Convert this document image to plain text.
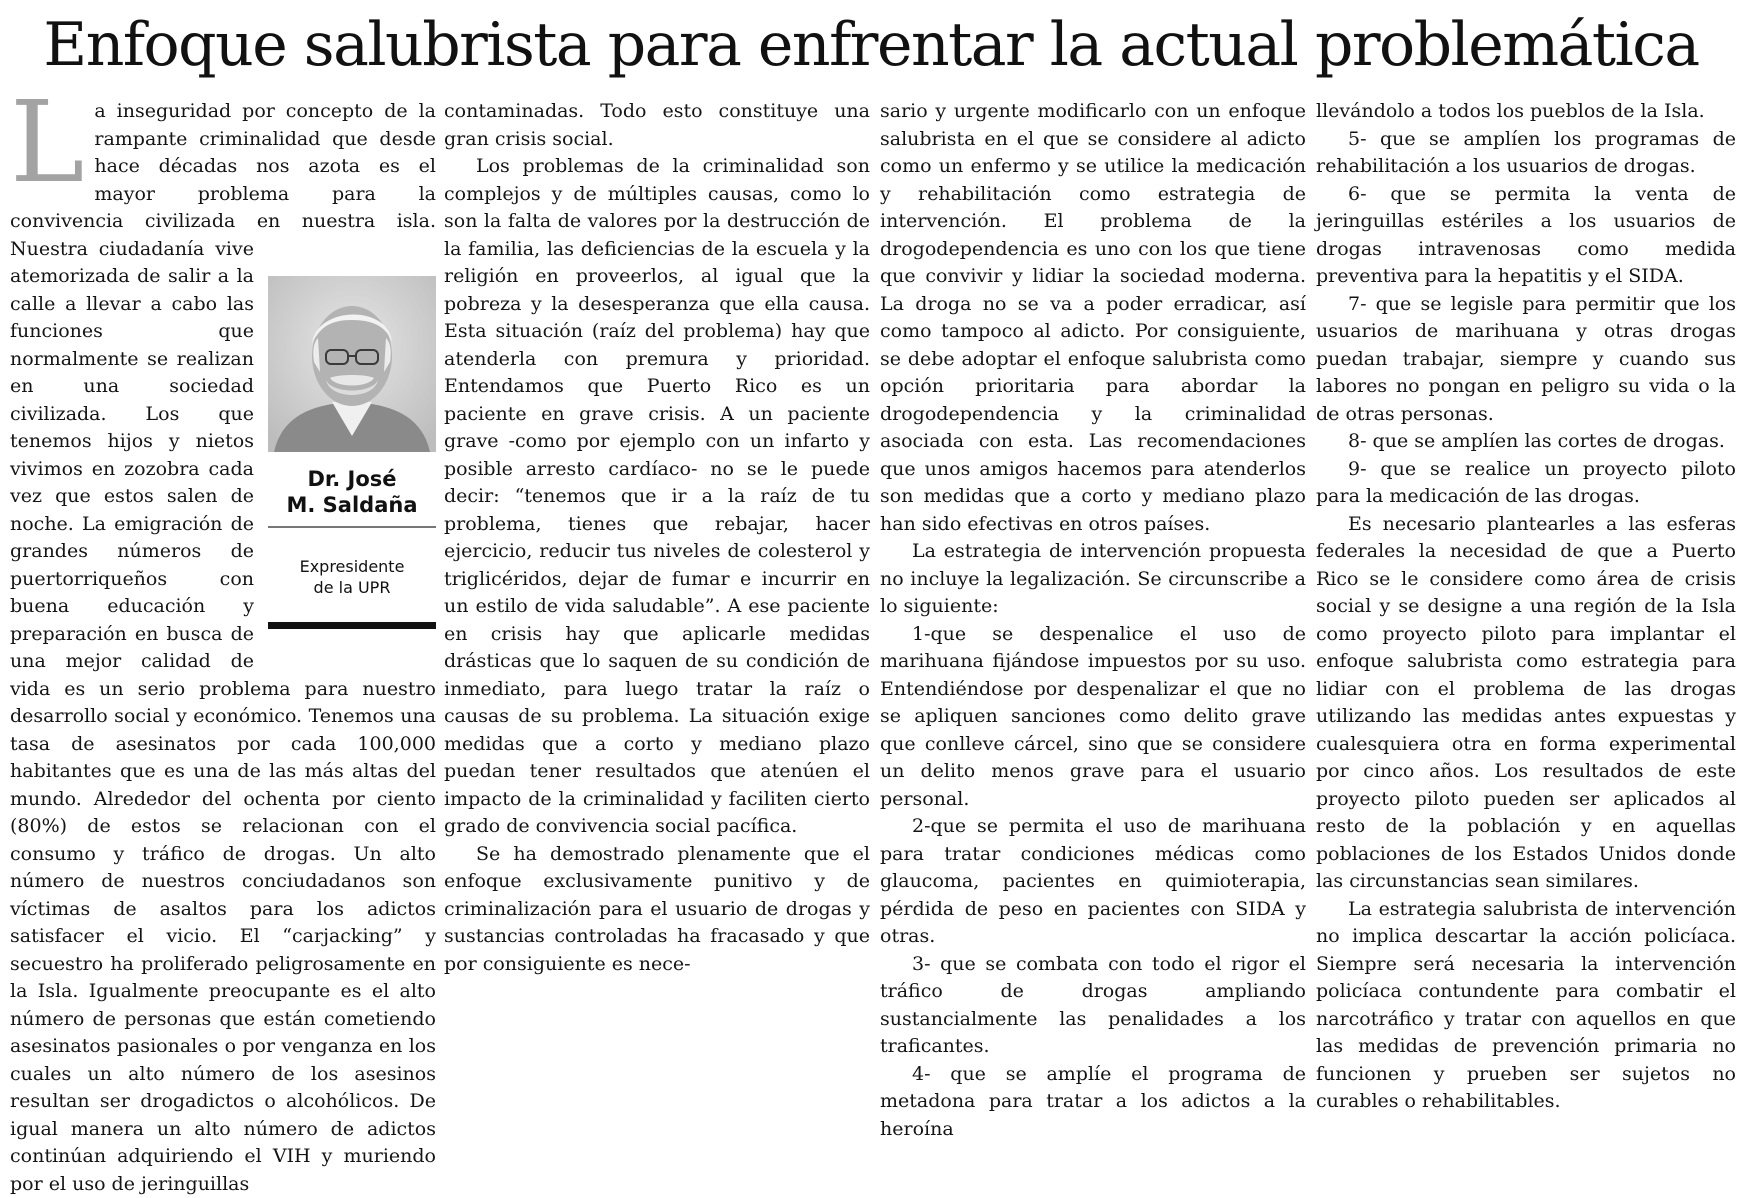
Enfoque salubrista para enfrentar la actual problemática
L
Dr. José
M. Saldaña
Expresidente
de la UPR

a inseguridad por concepto de la rampante criminalidad que desde hace décadas nos azota es el mayor problema para la convivencia civilizada en nuestra isla. Nuestra ciudadanía vive atemorizada de salir a la calle a llevar a cabo las funciones que normalmente se realizan en una sociedad civilizada. Los que tenemos hijos y nietos vivimos en zozobra cada vez que estos salen de noche. La emigración de grandes números de puertorriqueños con buena educación y preparación en busca de una mejor calidad de vida es un serio problema para nuestro desarrollo social y económico. Tenemos una tasa de asesinatos por cada 100,000 habitantes que es una de las más altas del mundo. Alrededor del ochenta por ciento (80%) de estos se relacionan con el consumo y tráfico de drogas. Un alto número de nuestros conciudadanos son víctimas de asaltos para los adictos satisfacer el vicio. El “carjacking” y secuestro ha proliferado peligrosamente en la Isla. Igualmente preocupante es el alto número de personas que están cometiendo asesinatos pasionales o por venganza en los cuales un alto número de los asesinos resultan ser drogadictos o alcohólicos. De igual manera un alto número de adictos continúan adquiriendo el VIH y muriendo por el uso de jeringuillas

contaminadas. Todo esto constituye una gran crisis social.

Los problemas de la criminalidad son complejos y de múltiples causas, como lo son la falta de valores por la destrucción de la familia, las deficiencias de la escuela y la religión en proveerlos, al igual que la pobreza y la desesperanza que ella causa. Esta situación (raíz del problema) hay que atenderla con premura y prioridad. Entendamos que Puerto Rico es un paciente en grave crisis. A un paciente grave -como por ejemplo con un infarto y posible arresto cardíaco- no se le puede decir: “tenemos que ir a la raíz de tu problema, tienes que rebajar, hacer ejercicio, reducir tus niveles de colesterol y triglicéridos, dejar de fumar e incurrir en un estilo de vida saludable”. A ese paciente en crisis hay que aplicarle medidas drásticas que lo saquen de su condición de inmediato, para luego tratar la raíz o causas de su problema. La situación exige medidas que a corto y mediano plazo puedan tener resultados que atenúen el impacto de la criminalidad y faciliten cierto grado de convivencia social pacífica.

Se ha demostrado plenamente que el enfoque exclusivamente punitivo y de criminalización para el usuario de drogas y sustancias controladas ha fracasado y que por consiguiente es nece-

sario y urgente modificarlo con un enfoque salubrista en el que se considere al adicto como un enfermo y se utilice la medicación y rehabilitación como estrategia de intervención. El problema de la drogodependencia es uno con los que tiene que convivir y lidiar la sociedad moderna. La droga no se va a poder erradicar, así como tampoco al adicto. Por consiguiente, se debe adoptar el enfoque salubrista como opción prioritaria para abordar la drogodependencia y la criminalidad asociada con esta. Las recomendaciones que unos amigos hacemos para atenderlos son medidas que a corto y mediano plazo han sido efectivas en otros países.

La estrategia de intervención propuesta no incluye la legalización. Se circunscribe a lo siguiente:

1-que se despenalice el uso de marihuana fijándose impuestos por su uso. Entendiéndose por despenalizar el que no se apliquen sanciones como delito grave que conlleve cárcel, sino que se considere un delito menos grave para el usuario personal.

2-que se permita el uso de marihuana para tratar condiciones médicas como glaucoma, pacientes en quimioterapia, pérdida de peso en pacientes con SIDA y otras.

3- que se combata con todo el rigor el tráfico de drogas ampliando sustancialmente las penalidades a los traficantes.

4- que se amplíe el programa de metadona para tratar a los adictos a la heroína

llevándolo a todos los pueblos de la Isla.

5- que se amplíen los programas de rehabilitación a los usuarios de drogas.

6- que se permita la venta de jeringuillas estériles a los usuarios de drogas intravenosas como medida preventiva para la hepatitis y el SIDA.

7- que se legisle para permitir que los usuarios de marihuana y otras drogas puedan trabajar, siempre y cuando sus labores no pongan en peligro su vida o la de otras personas.

8- que se amplíen las cortes de drogas.

9- que se realice un proyecto piloto para la medicación de las drogas.

Es necesario plantearles a las esferas federales la necesidad de que a Puerto Rico se le considere como área de crisis social y se designe a una región de la Isla como proyecto piloto para implantar el enfoque salubrista como estrategia para lidiar con el problema de las drogas utilizando las medidas antes expuestas y cualesquiera otra en forma experimental por cinco años. Los resultados de este proyecto piloto pueden ser aplicados al resto de la población y en aquellas poblaciones de los Estados Unidos donde las circunstancias sean similares.

La estrategia salubrista de intervención no implica descartar la acción policíaca. Siempre será necesaria la intervención policíaca contundente para combatir el narcotráfico y tratar con aquellos en que las medidas de prevención primaria no funcionen y prueben ser sujetos no curables o rehabilitables.
